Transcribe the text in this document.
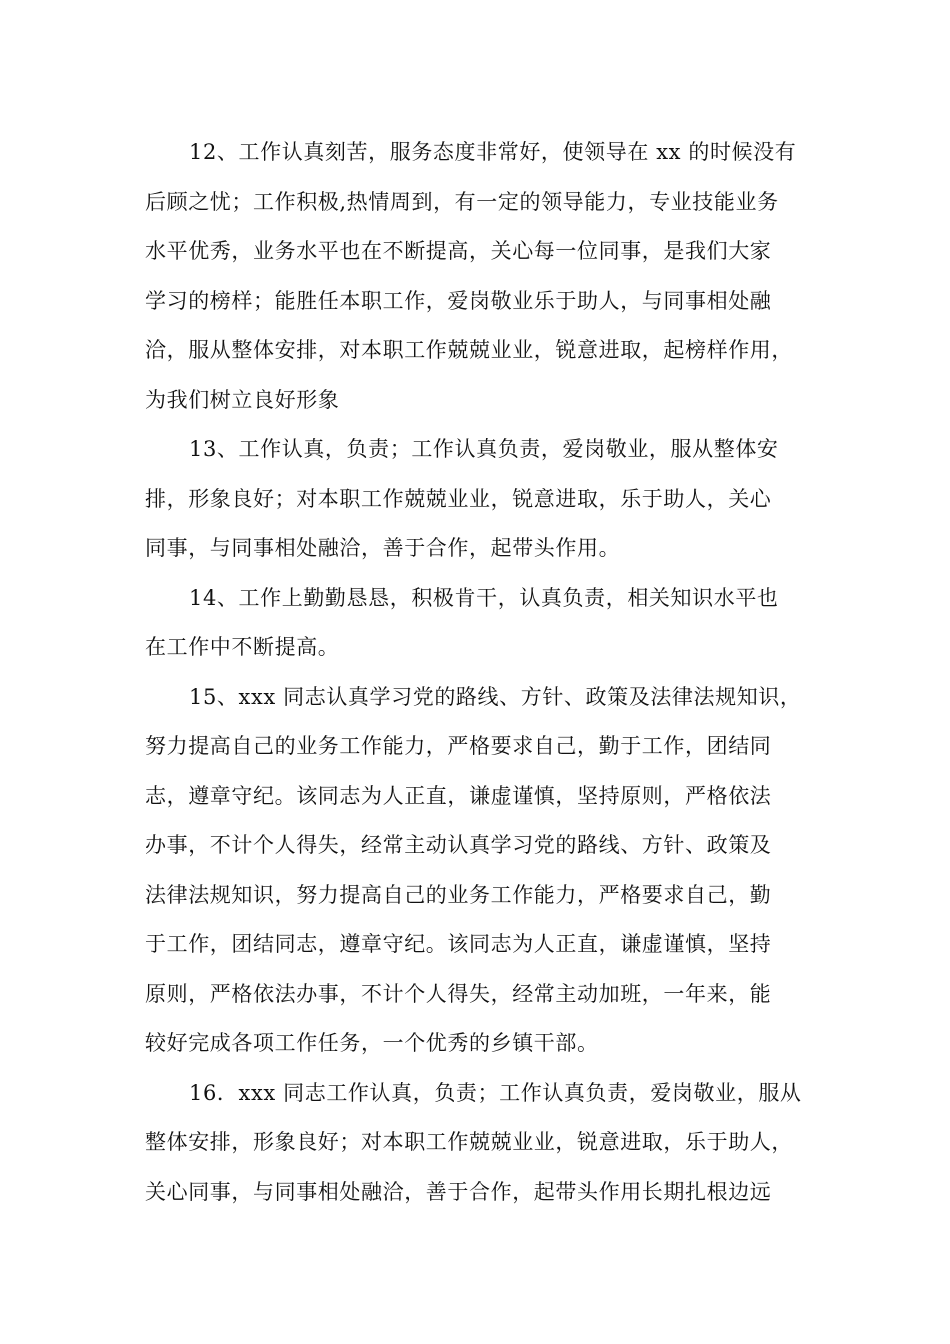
12、工作认真刻苦，服务态度非常好，使领导在 xx 的时候没有
后顾之忧；工作积极,热情周到，有一定的领导能力，专业技能业务
水平优秀，业务水平也在不断提高，关心每一位同事，是我们大家
学习的榜样；能胜任本职工作，爱岗敬业乐于助人，与同事相处融
洽，服从整体安排，对本职工作兢兢业业，锐意进取，起榜样作用，
为我们树立良好形象
13、工作认真，负责；工作认真负责，爱岗敬业，服从整体安
排，形象良好；对本职工作兢兢业业，锐意进取，乐于助人，关心
同事，与同事相处融洽，善于合作，起带头作用。
14、工作上勤勤恳恳，积极肯干，认真负责，相关知识水平也
在工作中不断提高。
15、xxx 同志认真学习党的路线、方针、政策及法律法规知识，
努力提高自己的业务工作能力，严格要求自己，勤于工作，团结同
志，遵章守纪。该同志为人正直，谦虚谨慎，坚持原则，严格依法
办事，不计个人得失，经常主动认真学习党的路线、方针、政策及
法律法规知识，努力提高自己的业务工作能力，严格要求自己，勤
于工作，团结同志，遵章守纪。该同志为人正直，谦虚谨慎，坚持
原则，严格依法办事，不计个人得失，经常主动加班，一年来，能
较好完成各项工作任务，一个优秀的乡镇干部。
16．xxx 同志工作认真，负责；工作认真负责，爱岗敬业，服从
整体安排，形象良好；对本职工作兢兢业业，锐意进取，乐于助人，
关心同事，与同事相处融洽，善于合作，起带头作用长期扎根边远
